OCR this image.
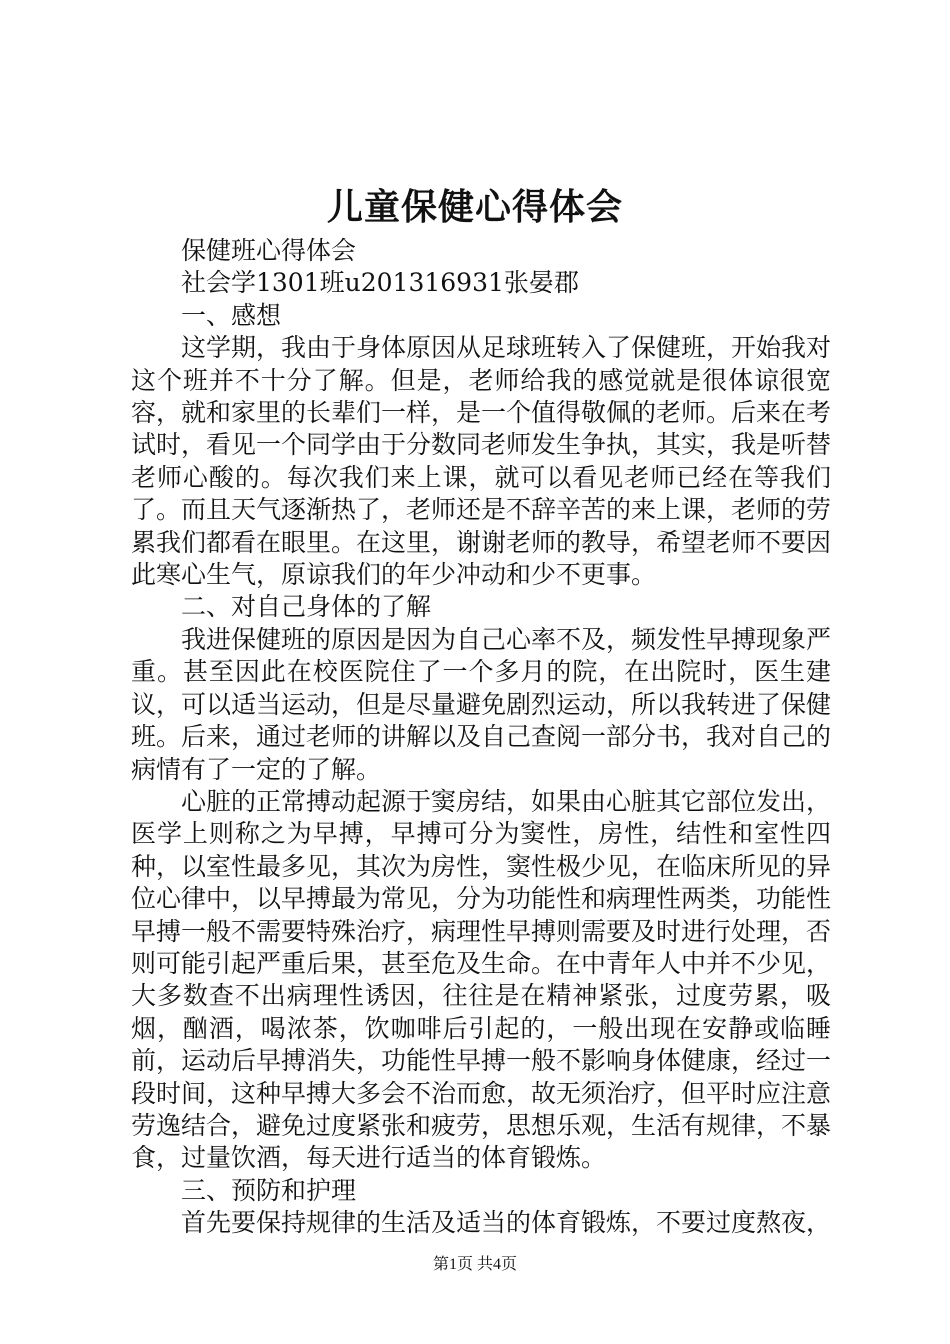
儿童保健心得体会

保健班心得体会

社会学1301班u201316931张晏郡

一、感想

这学期，我由于身体原因从足球班转入了保健班，开始我对这个班并不十分了解。但是，老师给我的感觉就是很体谅很宽容，就和家里的长辈们一样，是一个值得敬佩的老师。后来在考试时，看见一个同学由于分数同老师发生争执，其实，我是听替老师心酸的。每次我们来上课，就可以看见老师已经在等我们了。而且天气逐渐热了，老师还是不辞辛苦的来上课，老师的劳累我们都看在眼里。在这里，谢谢老师的教导，希望老师不要因此寒心生气，原谅我们的年少冲动和少不更事。

二、对自己身体的了解

我进保健班的原因是因为自己心率不及，频发性早搏现象严重。甚至因此在校医院住了一个多月的院，在出院时，医生建议，可以适当运动，但是尽量避免剧烈运动，所以我转进了保健班。后来，通过老师的讲解以及自己查阅一部分书，我对自己的病情有了一定的了解。

心脏的正常搏动起源于窦房结，如果由心脏其它部位发出，医学上则称之为早搏，早搏可分为窦性，房性，结性和室性四种，以室性最多见，其次为房性，窦性极少见，在临床所见的异位心律中，以早搏最为常见，分为功能性和病理性两类，功能性早搏一般不需要特殊治疗，病理性早搏则需要及时进行处理，否则可能引起严重后果，甚至危及生命。在中青年人中并不少见，大多数查不出病理性诱因，往往是在精神紧张，过度劳累，吸烟，酗酒，喝浓茶，饮咖啡后引起的，一般出现在安静或临睡前，运动后早搏消失，功能性早搏一般不影响身体健康，经过一段时间，这种早搏大多会不治而愈，故无须治疗，但平时应注意劳逸结合，避免过度紧张和疲劳，思想乐观，生活有规律，不暴食，过量饮酒，每天进行适当的体育锻炼。

三、预防和护理

首先要保持规律的生活及适当的体育锻炼，不要过度熬夜，

第1页 共4页
